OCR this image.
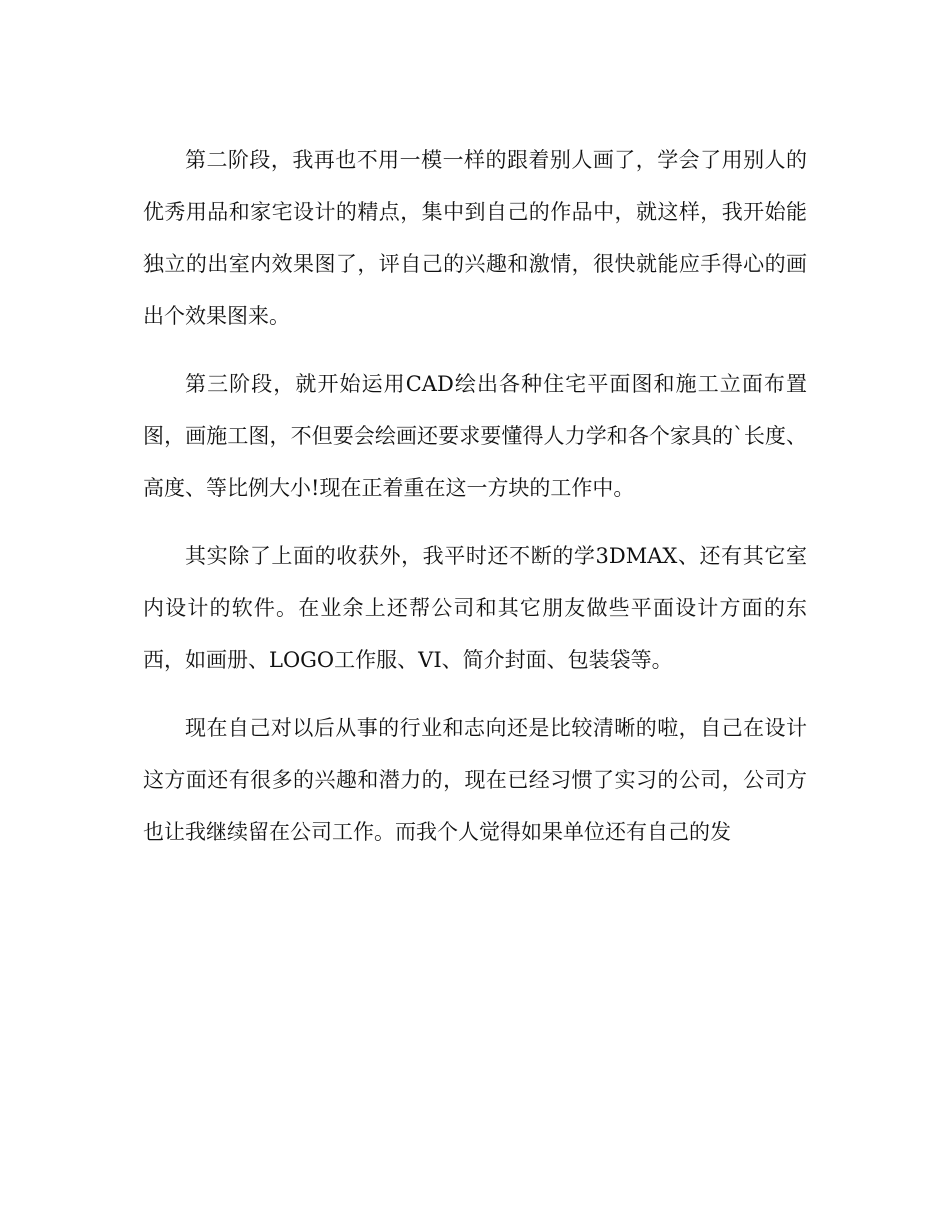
第二阶段，我再也不用一模一样的跟着别人画了，学会了用别人的优秀用品和家宅设计的精点，集中到自己的作品中，就这样，我开始能独立的出室内效果图了，评自己的兴趣和激情，很快就能应手得心的画出个效果图来。

第三阶段，就开始运用CAD绘出各种住宅平面图和施工立面布置图，画施工图，不但要会绘画还要求要懂得人力学和各个家具的`长度、高度、等比例大小!现在正着重在这一方块的工作中。

其实除了上面的收获外，我平时还不断的学3DMAX、还有其它室内设计的软件。在业余上还帮公司和其它朋友做些平面设计方面的东西，如画册、LOGO工作服、VI、简介封面、包装袋等。

现在自己对以后从事的行业和志向还是比较清晰的啦，自己在设计这方面还有很多的兴趣和潜力的，现在已经习惯了实习的公司，公司方也让我继续留在公司工作。而我个人觉得如果单位还有自己的发
